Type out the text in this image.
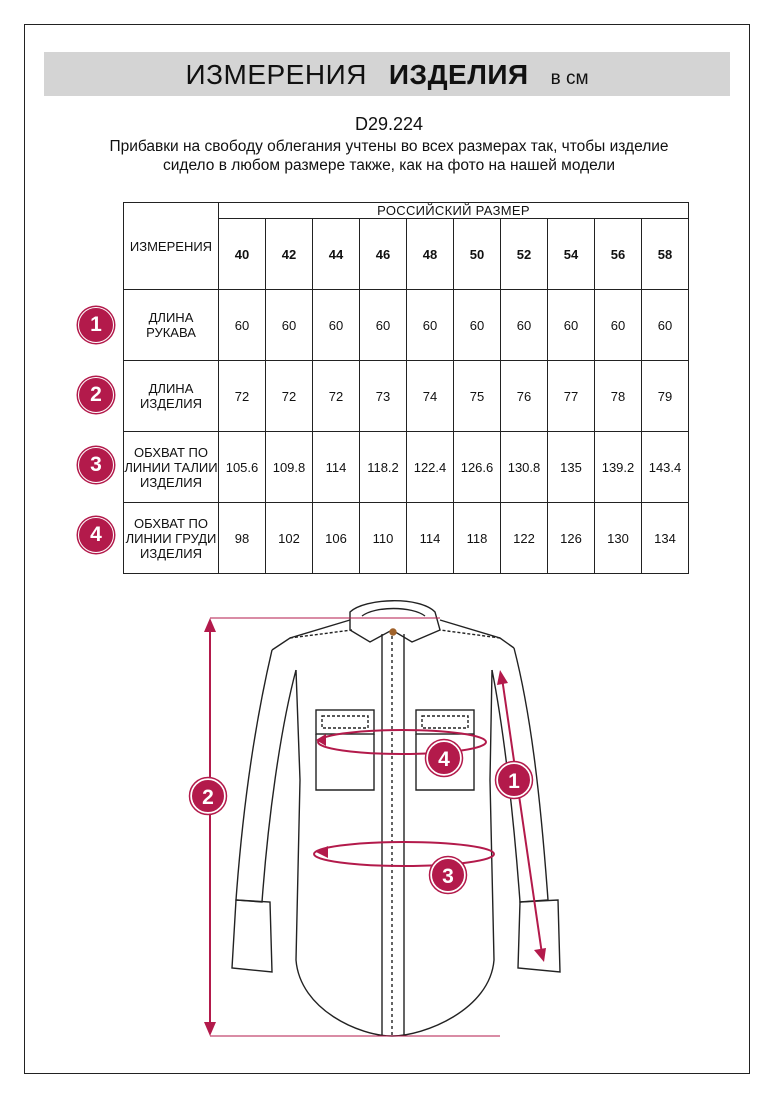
ИЗМЕРЕНИЯ ИЗДЕЛИЯ в см
D29.224
Прибавки на свободу облегания учтены во всех размерах так, чтобы изделие сидело в любом размере также, как на фото на нашей модели
ИЗМЕРЕНИЯ	РОССИЙСКИЙ РАЗМЕР									
	40	42	44	46	48	50	52	54	56	58
ДЛИНА РУКАВА	60	60	60	60	60	60	60	60	60	60
ДЛИНА ИЗДЕЛИЯ	72	72	72	73	74	75	76	77	78	79
ОБХВАТ ПО ЛИНИИ ТАЛИИ ИЗДЕЛИЯ	105.6	109.8	114	118.2	122.4	126.6	130.8	135	139.2	143.4
ОБХВАТ ПО ЛИНИИ ГРУДИ ИЗДЕЛИЯ	98	102	106	110	114	118	122	126	130	134
1
2
3
4
1
2
3
4
